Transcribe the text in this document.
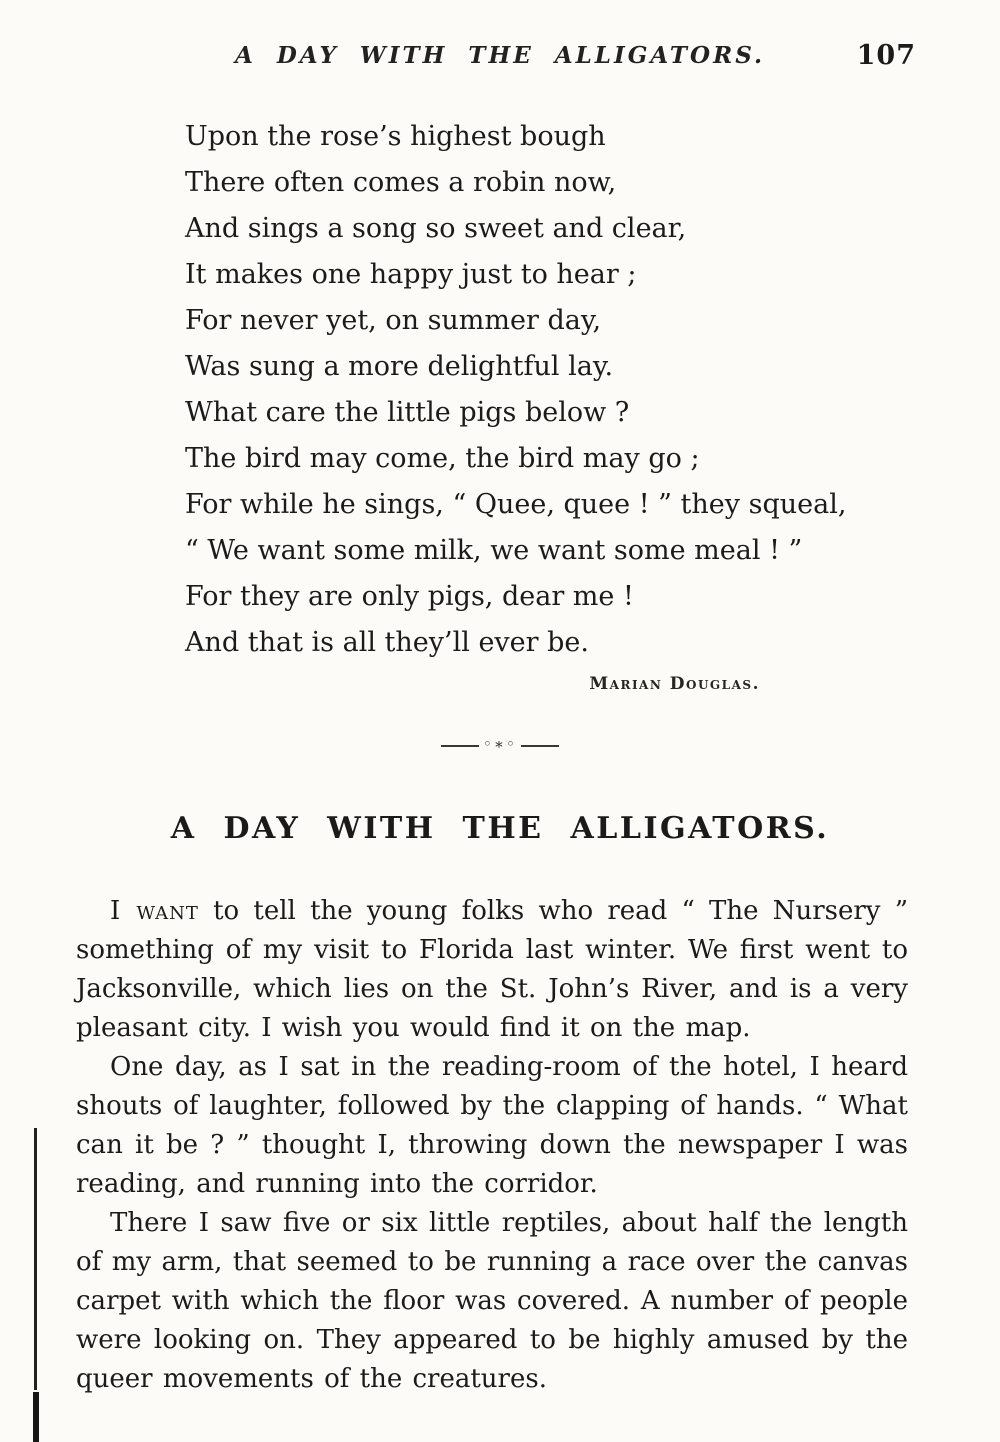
A DAY WITH THE ALLIGATORS.	107
Upon the rose’s highest bough
There often comes a robin now,
And sings a song so sweet and clear,
It makes one happy just to hear ;
For never yet, on summer day,
Was sung a more delightful lay.
What care the little pigs below ?
The bird may come, the bird may go ;
For while he sings, “ Quee, quee ! ” they squeal,
“ We want some milk, we want some meal ! ”
For they are only pigs, dear me !
And that is all they’ll ever be.
Marian Douglas.
◦∗◦
A DAY WITH THE ALLIGATORS.

I want to tell the young folks who read “ The Nursery ” something of my visit to Florida last winter. We first went to Jacksonville, which lies on the St. John’s River, and is a very pleasant city. I wish you would find it on the map.

One day, as I sat in the reading-room of the hotel, I heard shouts of laughter, followed by the clapping of hands. “ What can it be ? ” thought I, throwing down the newspaper I was reading, and running into the corridor.

There I saw five or six little reptiles, about half the length of my arm, that seemed to be running a race over the canvas carpet with which the floor was covered. A number of people were looking on. They appeared to be highly amused by the queer movements of the creatures.
